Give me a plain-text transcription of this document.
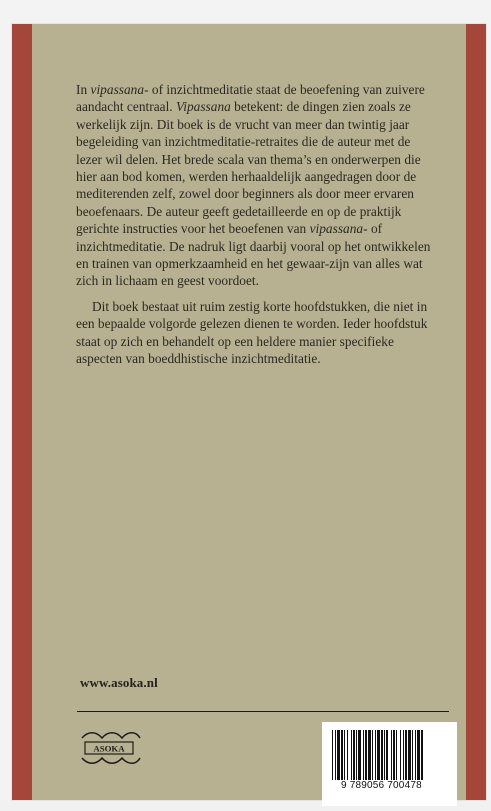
In vipassana- of inzichtmeditatie staat de beoefening van zuivere aandacht centraal. Vipassana betekent: de dingen zien zoals ze werkelijk zijn. Dit boek is de vrucht van meer dan twintig jaar begeleiding van inzichtmeditatie-retraites die de auteur met de lezer wil delen. Het brede scala van thema’s en onderwerpen die hier aan bod komen, werden herhaaldelijk aangedragen door de mediterenden zelf, zowel door beginners als door meer ervaren beoefenaars. De auteur geeft gedetailleerde en op de praktijk gerichte instructies voor het beoefenen van vipassana- of inzichtmeditatie. De nadruk ligt daarbij vooral op het ontwikkelen en trainen van opmerkzaamheid en het gewaar-zijn van alles wat zich in lichaam en geest voordoet.

Dit boek bestaat uit ruim zestig korte hoofdstukken, die niet in een bepaalde volgorde gelezen dienen te worden. Ieder hoofdstuk staat op zich en behandelt op een heldere manier specifieke aspecten van boeddhistische inzichtmeditatie.

www.asoka.nl
ASOKA
9 789056 700478
